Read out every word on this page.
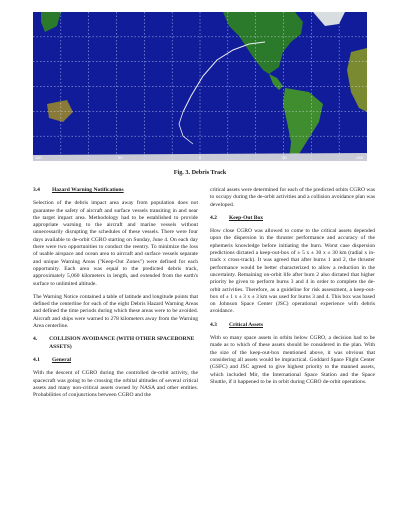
180	90	0	-90	-180
Fig. 3. Debris Track
3.4 Hazard Warning Notifications

Selection of the debris impact area away from population does not guarantee the safety of aircraft and surface vessels transiting in and near the target impact area. Methodology had to be established to provide appropriate warning to the aircraft and marine vessels without unnecessarily disrupting the schedules of these vessels. There were four days available to de-orbit CGRO starting on Sunday, June 4. On each day there were two opportunities to conduct the reentry. To minimize the loss of usable airspace and ocean area to aircraft and surface vessels separate and unique Warning Areas ("Keep-Out Zones") were defined for each opportunity. Each area was equal to the predicted debris track, approximately 5,060 kilometers in length, and extended from the earth's surface to unlimited altitude.

The Warning Notice contained a table of latitude and longitude points that defined the centerline for each of the eight Debris Hazard Warning Areas and defined the time periods during which these areas were to be avoided. Aircraft and ships were warned to 278 kilometers away from the Warning Area centerline.

4. COLLISION AVOIDANCE (WITH OTHER SPACEBORNE ASSETS)
4.1 General

With the descent of CGRO during the controlled de-orbit activity, the spacecraft was going to be crossing the orbital altitudes of several critical assets and many non-critical assets owned by NASA and other entities. Probabilities of conjunctions between CGRO and the

critical assets were determined for each of the predicted orbits CGRO was to occupy during the de-orbit activities and a collision avoidance plan was developed.

4.2 Keep-Out Box

How close CGRO was allowed to come to the critical assets depended upon the dispersion in the thruster performance and accuracy of the ephemeris knowledge before initiating the burn. Worst case dispersion predictions dictated a keep-out-box of ± 5 x ± 30 x ± 30 km (radial x in-track x cross-track). It was agreed that after burns 1 and 2, the thruster performance would be better characterized to allow a reduction in the uncertainty. Remaining on-orbit life after burn 2 also dictated that higher priority be given to perform burns 3 and 4 in order to complete the de-orbit activities. Therefore, as a guideline for risk assessment, a keep-out-box of ± 1 x ± 3 x ± 3 km was used for burns 3 and 4. This box was based on Johnson Space Center (JSC) operational experience with debris avoidance.

4.3 Critical Assets

With so many space assets in orbits below CGRO, a decision had to be made as to which of these assets should be considered in the plan. With the size of the keep-out-box mentioned above, it was obvious that considering all assets would be impractical. Goddard Space Flight Center (GSFC) and JSC agreed to give highest priority to the manned assets, which included Mir, the International Space Station and the Space Shuttle, if it happened to be in orbit during CGRO de-orbit operations.
